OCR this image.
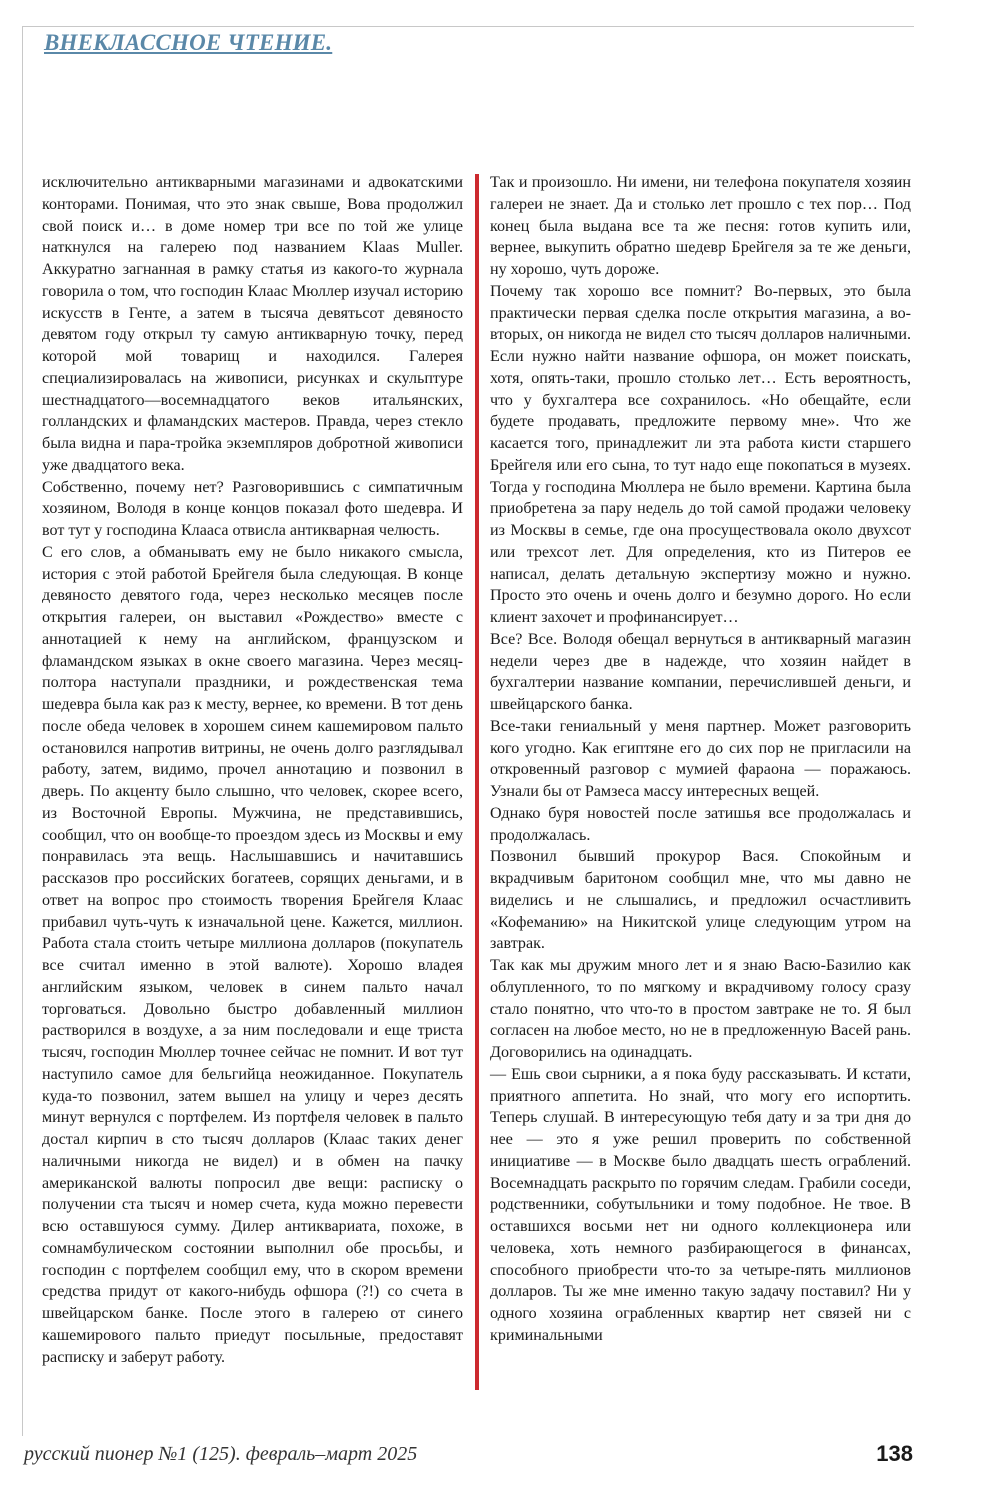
ВНЕКЛАССНОЕ ЧТЕНИЕ.

исключительно антикварными магазинами и адвокатскими конторами. Понимая, что это знак свыше, Вова продолжил свой поиск и… в доме номер три все по той же улице наткнулся на галерею под названием Klaas Muller. Аккуратно загнанная в рамку статья из какого-то журнала говорила о том, что господин Клаас Мюллер изучал историю искусств в Генте, а затем в тысяча девятьсот девяносто девятом году открыл ту самую антикварную точку, перед которой мой товарищ и находился. Галерея специализировалась на живописи, рисунках и скульптуре шестнадцатого—восемнадцатого веков итальянских, голландских и фламандских мастеров. Правда, через стекло была видна и пара-тройка экземпляров добротной живописи уже двадцатого века.

Собственно, почему нет? Разговорившись с симпатичным хозяином, Володя в конце концов показал фото шедевра. И вот тут у господина Клааса отвисла антикварная челюсть.

С его слов, а обманывать ему не было никакого смысла, история с этой работой Брейгеля была следующая. В конце девяносто девятого года, через несколько месяцев после открытия галереи, он выставил «Рождество» вместе с аннотацией к нему на английском, французском и фламандском языках в окне своего магазина. Через месяц-полтора наступали праздники, и рождественская тема шедевра была как раз к месту, вернее, ко времени. В тот день после обеда человек в хорошем синем кашемировом пальто остановился напротив витрины, не очень долго разглядывал работу, затем, видимо, прочел аннотацию и позвонил в дверь. По акценту было слышно, что человек, скорее всего, из Восточной Европы. Мужчина, не представившись, сообщил, что он вообще-то проездом здесь из Москвы и ему понравилась эта вещь. Наслышавшись и начитавшись рассказов про российских богатеев, сорящих деньгами, и в ответ на вопрос про стоимость творения Брейгеля Клаас прибавил чуть-чуть к изначальной цене. Кажется, миллион. Работа стала стоить четыре миллиона долларов (покупатель все считал именно в этой валюте). Хорошо владея английским языком, человек в синем пальто начал торговаться. Довольно быстро добавленный миллион растворился в воздухе, а за ним последовали и еще триста тысяч, господин Мюллер точнее сейчас не помнит. И вот тут наступило самое для бельгийца неожиданное. Покупатель куда-то позвонил, затем вышел на улицу и через десять минут вернулся с портфелем. Из портфеля человек в пальто достал кирпич в сто тысяч долларов (Клаас таких денег наличными никогда не видел) и в обмен на пачку американской валюты попросил две вещи: расписку о получении ста тысяч и номер счета, куда можно перевести всю оставшуюся сумму. Дилер антиквариата, похоже, в сомнамбулическом состоянии выполнил обе просьбы, и господин с портфелем сообщил ему, что в скором времени средства придут от какого-нибудь офшора (?!) со счета в швейцарском банке. После этого в галерею от синего кашемирового пальто приедут посыльные, предоставят расписку и заберут работу.

Так и произошло. Ни имени, ни телефона покупателя хозяин галереи не знает. Да и столько лет прошло с тех пор… Под конец была выдана все та же песня: готов купить или, вернее, выкупить обратно шедевр Брейгеля за те же деньги, ну хорошо, чуть дороже.

Почему так хорошо все помнит? Во-первых, это была практически первая сделка после открытия магазина, а во-вторых, он никогда не видел сто тысяч долларов наличными. Если нужно найти название офшора, он может поискать, хотя, опять-таки, прошло столько лет… Есть вероятность, что у бухгалтера все сохранилось. «Но обещайте, если будете продавать, предложите первому мне». Что же касается того, принадлежит ли эта работа кисти старшего Брейгеля или его сына, то тут надо еще покопаться в музеях. Тогда у господина Мюллера не было времени. Картина была приобретена за пару недель до той самой продажи человеку из Москвы в семье, где она просуществовала около двухсот или трехсот лет. Для определения, кто из Питеров ее написал, делать детальную экспертизу можно и нужно. Просто это очень и очень долго и безумно дорого. Но если клиент захочет и профинансирует…

Все? Все. Володя обещал вернуться в антикварный магазин недели через две в надежде, что хозяин найдет в бухгалтерии название компании, перечислившей деньги, и швейцарского банка.

Все-таки гениальный у меня партнер. Может разговорить кого угодно. Как египтяне его до сих пор не пригласили на откровенный разговор с мумией фараона — поражаюсь. Узнали бы от Рамзеса массу интересных вещей.

Однако буря новостей после затишья все продолжалась и продолжалась.

Позвонил бывший прокурор Вася. Спокойным и вкрадчивым баритоном сообщил мне, что мы давно не виделись и не слышались, и предложил осчастливить «Кофеманию» на Никитской улице следующим утром на завтрак.

Так как мы дружим много лет и я знаю Васю-Базилио как облупленного, то по мягкому и вкрадчивому голосу сразу стало понятно, что что-то в простом завтраке не то. Я был согласен на любое место, но не в предложенную Васей рань. Договорились на одинадцать.

— Ешь свои сырники, а я пока буду рассказывать. И кстати, приятного аппетита. Но знай, что могу его испортить. Теперь слушай. В интересующую тебя дату и за три дня до нее — это я уже решил проверить по собственной инициативе — в Москве было двадцать шесть ограблений. Восемнадцать раскрыто по горячим следам. Грабили соседи, родственники, собутыльники и тому подобное. Не твое. В оставшихся восьми нет ни одного коллекционера или человека, хоть немного разбирающегося в финансах, способного приобрести что-то за четыре-пять миллионов долларов. Ты же мне именно такую задачу поставил? Ни у одного хозяина ограбленных квартир нет связей ни с криминальными

русский пионер №1 (125). февраль–март 2025	138
